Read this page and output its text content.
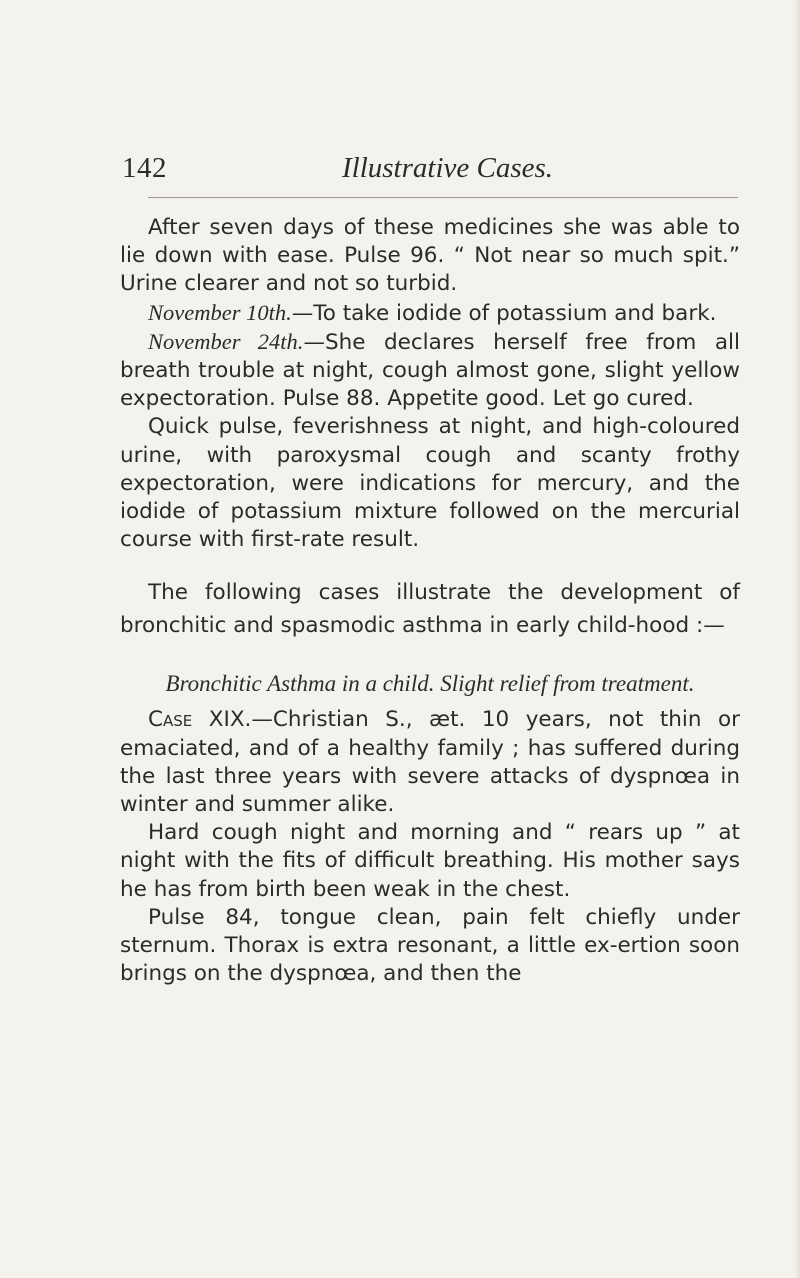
142	Illustrative Cases.

After seven days of these medicines she was able to lie down with ease. Pulse 96. “ Not near so much spit.” Urine clearer and not so turbid.

November 10th.—To take iodide of potassium and bark.

November 24th.—She declares herself free from all breath trouble at night, cough almost gone, slight yellow expectoration. Pulse 88. Appetite good. Let go cured.

Quick pulse, feverishness at night, and high-coloured urine, with paroxysmal cough and scanty frothy expectoration, were indications for mercury, and the iodide of potassium mixture followed on the mercurial course with first-rate result.

The following cases illustrate the development of bronchitic and spasmodic asthma in early child-hood :—

Bronchitic Asthma in a child. Slight relief from treatment.

Case XIX.—Christian S., æt. 10 years, not thin or emaciated, and of a healthy family ; has suffered during the last three years with severe attacks of dyspnœa in winter and summer alike.

Hard cough night and morning and “ rears up ” at night with the fits of difficult breathing. His mother says he has from birth been weak in the chest.

Pulse 84, tongue clean, pain felt chiefly under sternum. Thorax is extra resonant, a little ex-ertion soon brings on the dyspnœa, and then the
